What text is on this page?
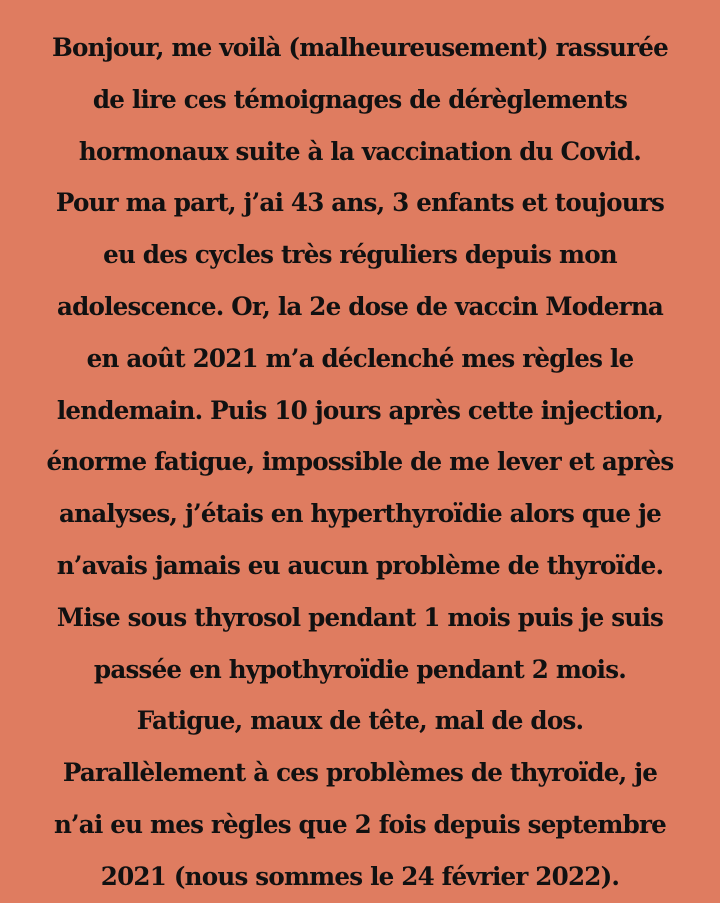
Bonjour, me voilà (malheureusement) rassurée
de lire ces témoignages de dérèglements
hormonaux suite à la vaccination du Covid.
Pour ma part, j’ai 43 ans, 3 enfants et toujours
eu des cycles très réguliers depuis mon
adolescence. Or, la 2e dose de vaccin Moderna
en août 2021 m’a déclenché mes règles le
lendemain. Puis 10 jours après cette injection,
énorme fatigue, impossible de me lever et après
analyses, j’étais en hyperthyroïdie alors que je
n’avais jamais eu aucun problème de thyroïde.
Mise sous thyrosol pendant 1 mois puis je suis
passée en hypothyroïdie pendant 2 mois.
Fatigue, maux de tête, mal de dos.
Parallèlement à ces problèmes de thyroïde, je
n’ai eu mes règles que 2 fois depuis septembre
2021 (nous sommes le 24 février 2022).
